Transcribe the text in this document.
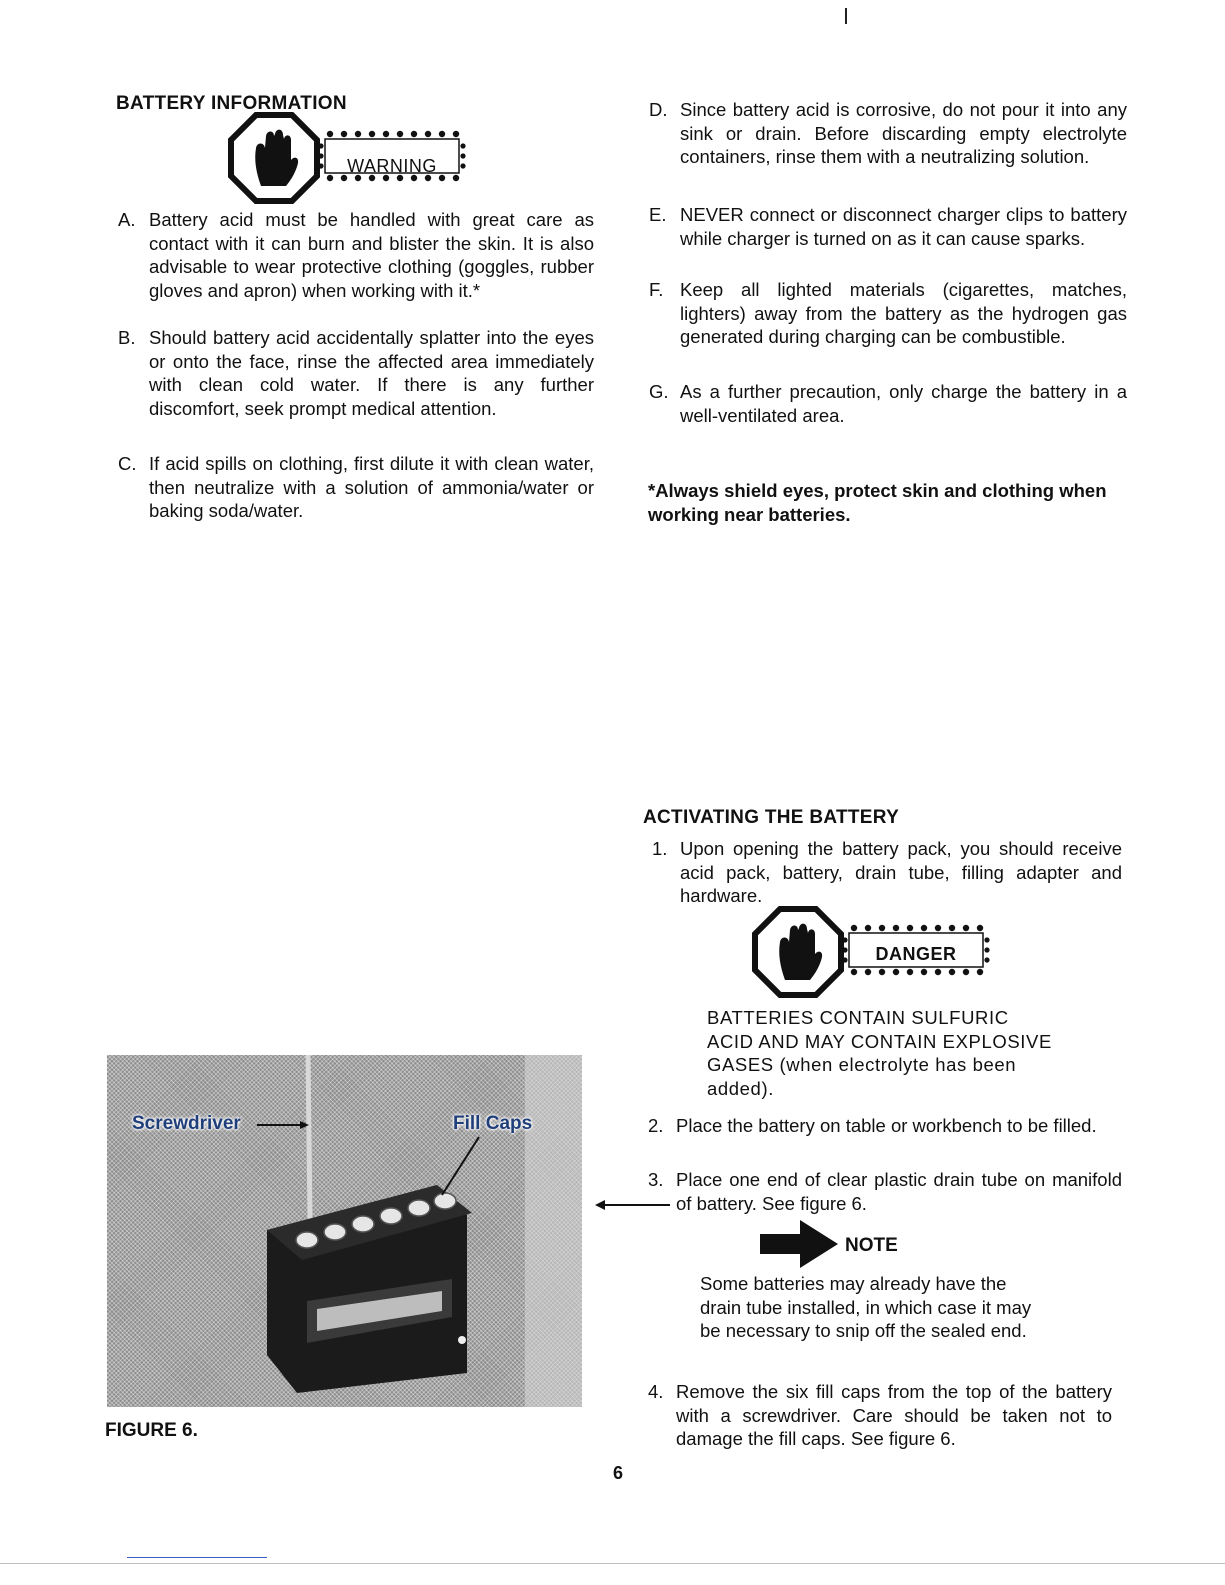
BATTERY INFORMATION
WARNING
A. Battery acid must be handled with great care as contact with it can burn and blister the skin. It is also advisable to wear protective clothing (goggles, rubber gloves and apron) when working with it.*
B. Should battery acid accidentally splatter into the eyes or onto the face, rinse the affected area immediately with clean cold water. If there is any further discomfort, seek prompt medical attention.
C. If acid spills on clothing, first dilute it with clean water, then neutralize with a solution of ammonia/water or baking soda/water.
D. Since battery acid is corrosive, do not pour it into any sink or drain. Before discarding empty electrolyte containers, rinse them with a neutralizing solution.
E. NEVER connect or disconnect charger clips to battery while charger is turned on as it can cause sparks.
F. Keep all lighted materials (cigarettes, matches, lighters) away from the battery as the hydrogen gas generated during charging can be combustible.
G. As a further precaution, only charge the battery in a well-ventilated area.
*Always shield eyes, protect skin and clothing when working near batteries.
ACTIVATING THE BATTERY
1. Upon opening the battery pack, you should receive acid pack, battery, drain tube, filling adapter and hardware.
DANGER
BATTERIES CONTAIN SULFURIC ACID AND MAY CONTAIN EXPLOSIVE GASES (when electrolyte has been added).
2. Place the battery on table or workbench to be filled.
3. Place one end of clear plastic drain tube on manifold of battery. See figure 6.
NOTE
Some batteries may already have the drain tube installed, in which case it may be necessary to snip off the sealed end.
4. Remove the six fill caps from the top of the battery with a screwdriver. Care should be taken not to damage the fill caps. See figure 6.
Screwdriver	Fill Caps
FIGURE 6.
6
